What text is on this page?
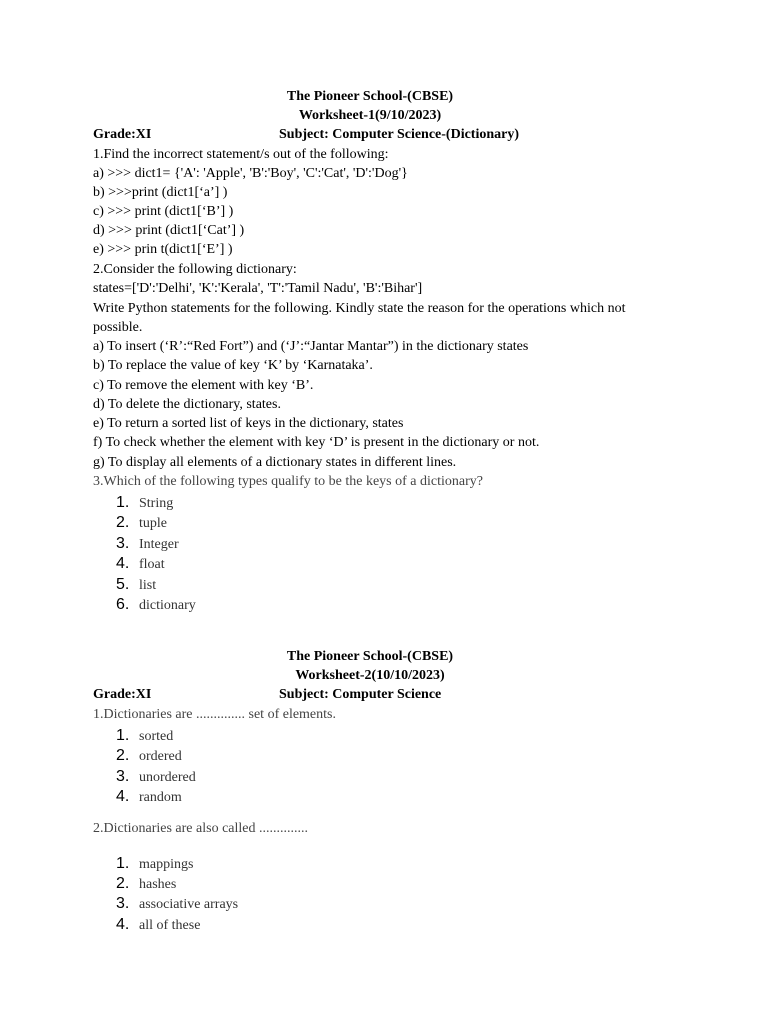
The Pioneer School-(CBSE)
Worksheet-1(9/10/2023)
Grade:XI	Subject: Computer Science-(Dictionary)
1.Find the incorrect statement/s out of the following:
a) >>> dict1= {'A': 'Apple', 'B':'Boy', 'C':'Cat', 'D':'Dog'}
b) >>>print (dict1[‘a’] )
c) >>> print (dict1[‘B’] )
d) >>> print (dict1[‘Cat’] )
e) >>> prin t(dict1[‘E’] )
2.Consider the following dictionary:
states=['D':'Delhi', 'K':'Kerala', 'T':'Tamil Nadu', 'B':'Bihar']
Write Python statements for the following. Kindly state the reason for the operations which not possible.
a) To insert (‘R’:“Red Fort”) and (‘J’:“Jantar Mantar”) in the dictionary states
b) To replace the value of key ‘K’ by ‘Karnataka’.
c) To remove the element with key ‘B’.
d) To delete the dictionary, states.
e) To return a sorted list of keys in the dictionary, states
f) To check whether the element with key ‘D’ is present in the dictionary or not.
g) To display all elements of a dictionary states in different lines.
3.Which of the following types qualify to be the keys of a dictionary?
1. String
2. tuple
3. Integer
4. float
5. list
6. dictionary
The Pioneer School-(CBSE)
Worksheet-2(10/10/2023)
Grade:XI	Subject: Computer Science
1.Dictionaries are .............. set of elements.
1. sorted
2. ordered
3. unordered
4. random
2.Dictionaries are also called ..............
1. mappings
2. hashes
3. associative arrays
4. all of these
